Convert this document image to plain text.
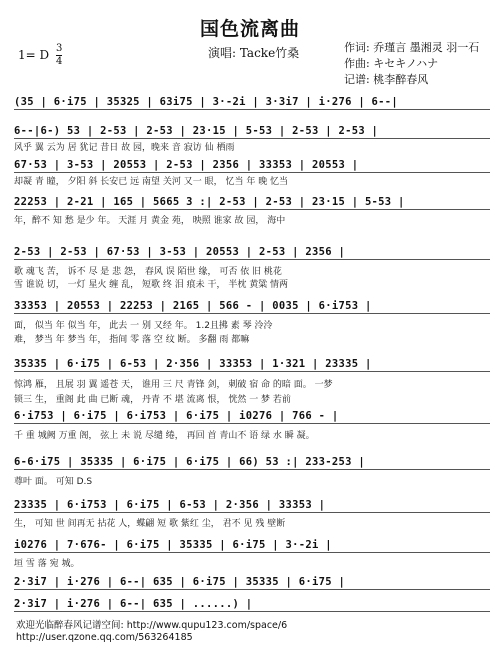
国色流离曲
1= D $\frac{3}{4}$	演唱: Tacke竹桑	作词: 乔瑾言 墨湘灵 羽一石
作曲: キセキノハナ
记谱: 桃李醉春风
(35 | 6·i75 | 35325 | 63i75 | 3·-2i | 3·3i7 | i·276 | 6--|
6--|6-) 53 | 2-53 | 2-53 | 23·15 | 5-53 | 2-53 | 2-53 |
风乎 翼 云为 居 犹记 昔日 故 园，晚来 音 寂访 仙 栖雨
67·53 | 3-53 | 20553 | 2-53 | 2356 | 33353 | 20553 |
却凝 青 瞳， 夕阳 斜 长安已 远 南望 关河 又一 眼， 忆当 年 晚 忆当
22253 | 2-21 | 165 | 5665 3 :| 2-53 | 2-53 | 23·15 | 5-53 |
年，醉不 知 愁 是少 年。 天涯 月 黄金 苑， 映照 谁家 故 园， 海中
2-53 | 2-53 | 67·53 | 3-53 | 20553 | 2-53 | 2356 |
歌 魂飞 苦， 诉不 尽 是 悲 怨， 春风 误 陌世 缘， 可否 依 旧 桃花
雪 谁说 切， 一灯 星火 缠 乱， 短歌 终 泪 痕未 干， 半枕 黄粱 情两
33353 | 20553 | 22253 | 2165 | 566 - | 0035 | 6·i753 |
面， 似当 年 似当 年， 此去 一 别 又经 年。 1.2且拂 素 琴 泠泠
难， 梦当 年 梦当 年， 指间 零 落 空 纹 断。 多翻 雨 都嘛
35335 | 6·i75 | 6-53 | 2·356 | 33353 | 1·321 | 23335 |
惊鸿 雁， 且展 羽 翼 遥苍 天， 谁用 三 尺 青锋 剑， 刺破 宿 命 的暗 面。 一梦
锁三 生， 重阁 此 曲 已断 魂， 丹青 不 堪 流离 恨， 恍然 一 梦 若前
6·i753 | 6·i75 | 6·i753 | 6·i75 | i0276 | 766 - |
千 重 城阙 万重 阁， 弦上 未 说 尽缱 绻， 再回 首 青山不 语 绿 水 瞬 凝。
6-6·i75 | 35335 | 6·i75 | 6·i75 | 66) 53 :| 233-253 |
尊叶 面。 可知 D.S
23335 | 6·i753 | 6·i75 | 6-53 | 2·356 | 33353 |
生， 可知 世 间再无 拈花 人，蝶翩 短 歌 紫红 尘， 君不 见 残 壁断
i0276 | 7·676- | 6·i75 | 35335 | 6·i75 | 3·-2i |
垣 雪 落 宛 城。
2·3i7 | i·276 | 6--| 635 | 6·i75 | 35335 | 6·i75 |
2·3i7 | i·276 | 6--| 635 | ......) |
欢迎光临醉春风记谱空间: http://www.qupu123.com/space/6
http://user.qzone.qq.com/563264185
